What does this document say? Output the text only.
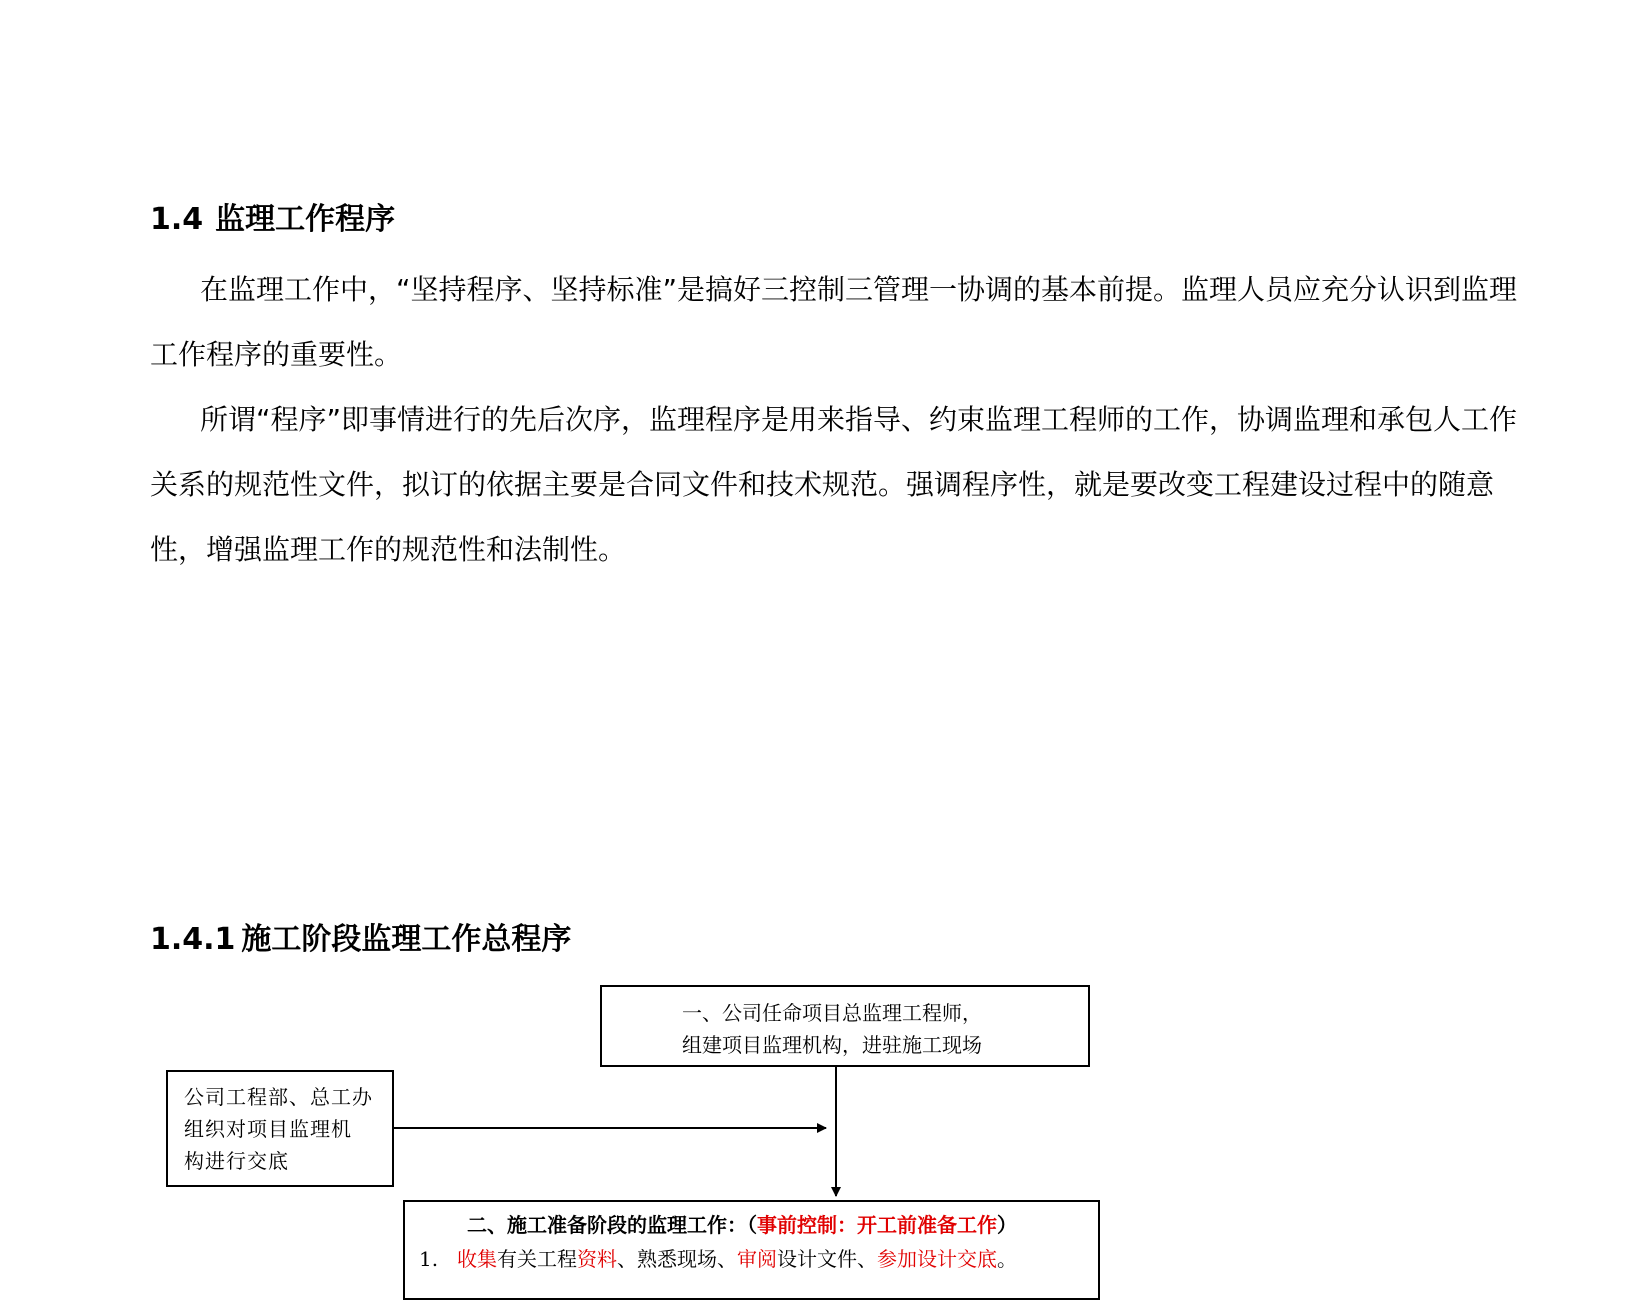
1.4 监理工作程序

在监理工作中，“坚持程序、坚持标准”是搞好三控制三管理一协调的基本前提。监理人员应充分认识到监理工作程序的重要性。

所谓“程序”即事情进行的先后次序，监理程序是用来指导、约束监理工程师的工作，协调监理和承包人工作关系的规范性文件，拟订的依据主要是合同文件和技术规范。强调程序性，就是要改变工程建设过程中的随意性，增强监理工作的规范性和法制性。

1.4.1 施工阶段监理工作总程序
一、公司任命项目总监理工程师，
组建项目监理机构，进驻施工现场
公司工程部、总工办
组织对项目监理机
构进行交底
二、施工准备阶段的监理工作：（事前控制：开工前准备工作）
1. 收集有关工程资料、熟悉现场、审阅设计文件、参加设计交底。
